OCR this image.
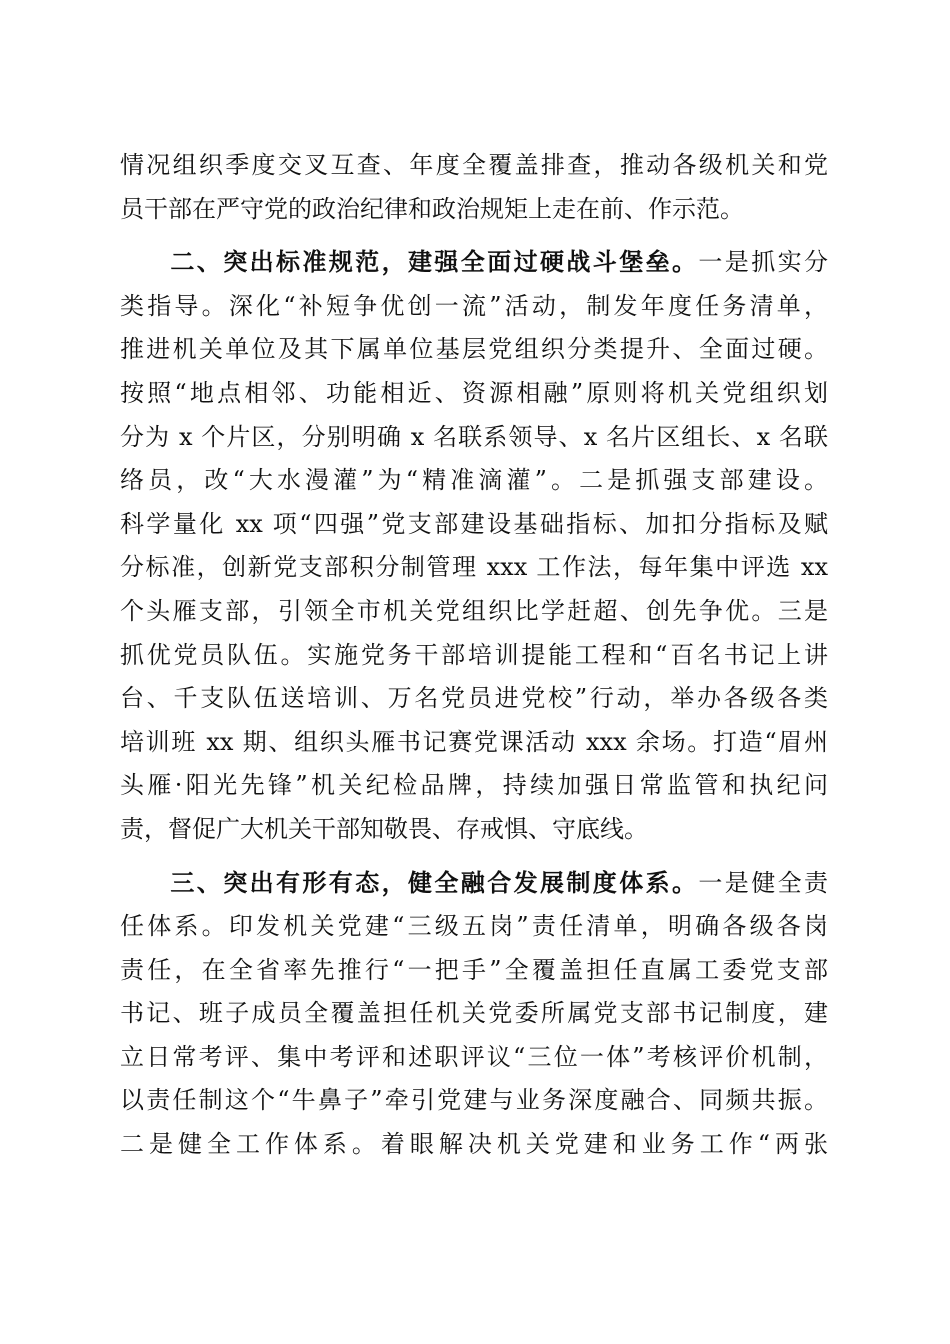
情况组织季度交叉互查、年度全覆盖排查，推动各级机关和党
员干部在严守党的政治纪律和政治规矩上走在前、作示范。
二、突出标准规范，建强全面过硬战斗堡垒。一是抓实分
类指导。深化“补短争优创一流”活动，制发年度任务清单，
推进机关单位及其下属单位基层党组织分类提升、全面过硬。
按照“地点相邻、功能相近、资源相融”原则将机关党组织划
分为 x 个片区，分别明确 x 名联系领导、x 名片区组长、x 名联
络员，改“大水漫灌”为“精准滴灌”。二是抓强支部建设。
科学量化 xx 项“四强”党支部建设基础指标、加扣分指标及赋
分标准，创新党支部积分制管理 xxx 工作法，每年集中评选 xx
个头雁支部，引领全市机关党组织比学赶超、创先争优。三是
抓优党员队伍。实施党务干部培训提能工程和“百名书记上讲
台、千支队伍送培训、万名党员进党校”行动，举办各级各类
培训班 xx 期、组织头雁书记赛党课活动 xxx 余场。打造“眉州
头雁·阳光先锋”机关纪检品牌，持续加强日常监管和执纪问
责，督促广大机关干部知敬畏、存戒惧、守底线。
三、突出有形有态，健全融合发展制度体系。一是健全责
任体系。印发机关党建“三级五岗”责任清单，明确各级各岗
责任，在全省率先推行“一把手”全覆盖担任直属工委党支部
书记、班子成员全覆盖担任机关党委所属党支部书记制度，建
立日常考评、集中考评和述职评议“三位一体”考核评价机制，
以责任制这个“牛鼻子”牵引党建与业务深度融合、同频共振。
二是健全工作体系。着眼解决机关党建和业务工作“两张
